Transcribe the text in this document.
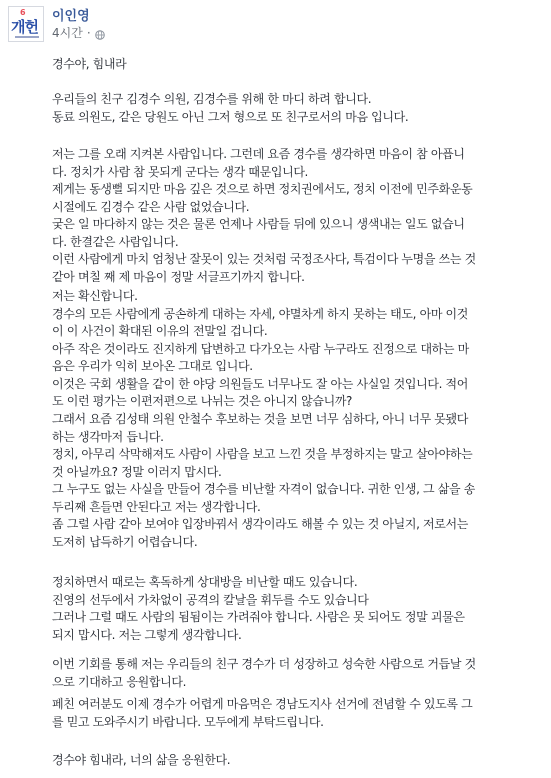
6
개헌
이인영
4시간 ·

경수야, 힘내라

우리들의 친구 김경수 의원, 김경수를 위해 한 마디 하려 합니다.
동료 의원도, 같은 당원도 아닌 그저 형으로 또 친구로서의 마음 입니다.

저는 그를 오래 지켜본 사람입니다. 그런데 요즘 경수를 생각하면 마음이 참 아픕니
다. 정치가 사람 참 못되게 군다는 생각 때문입니다.
제게는 동생뻘 되지만 마음 깊은 것으로 하면 정치권에서도, 정치 이전에 민주화운동
시절에도 김경수 같은 사람 없었습니다.
궂은 일 마다하지 않는 것은 물론 언제나 사람들 뒤에 있으니 생색내는 일도 없습니
다. 한결같은 사람입니다.
이런 사람에게 마치 엄청난 잘못이 있는 것처럼 국정조사다, 특검이다 누명을 쓰는 것
같아 며칠 째 제 마음이 정말 서글프기까지 합니다.

저는 확신합니다.
경수의 모든 사람에게 공손하게 대하는 자세, 야멸차게 하지 못하는 태도, 아마 이것
이 이 사건이 확대된 이유의 전말일 겁니다.
아주 작은 것이라도 진지하게 답변하고 다가오는 사람 누구라도 진정으로 대하는 마
음은 우리가 익히 보아온 그대로 입니다.
이것은 국회 생활을 같이 한 야당 의원들도 너무나도 잘 아는 사실일 것입니다. 적어
도 이런 평가는 이편저편으로 나뉘는 것은 아니지 않습니까?

그래서 요즘 김성태 의원 안철수 후보하는 것을 보면 너무 심하다, 아니 너무 못됐다
하는 생각마저 듭니다.
정치, 아무리 삭막해져도 사람이 사람을 보고 느낀 것을 부정하지는 말고 살아야하는
것 아닐까요? 정말 이러지 맙시다.
그 누구도 없는 사실을 만들어 경수를 비난할 자격이 없습니다. 귀한 인생, 그 삶을 송
두리째 흔들면 안된다고 저는 생각합니다.
좀 그럴 사람 같아 보여야 입장바꿔서 생각이라도 해볼 수 있는 것 아닐지, 저로서는
도저히 납득하기 어렵습니다.

정치하면서 때로는 혹독하게 상대방을 비난할 때도 있습니다.
진영의 선두에서 가차없이 공격의 칼날을 휘두를 수도 있습니다
그러나 그럴 때도 사람의 됨됨이는 가려줘야 합니다. 사람은 못 되어도 정말 괴물은
되지 맙시다. 저는 그렇게 생각합니다.

이번 기회를 통해 저는 우리들의 친구 경수가 더 성장하고 성숙한 사람으로 거듭날 것
으로 기대하고 응원합니다.

페친 여러분도 이제 경수가 어렵게 마음먹은 경남도지사 선거에 전념할 수 있도록 그
를 믿고 도와주시기 바랍니다. 모두에게 부탁드립니다.

경수야 힘내라, 너의 삶을 응원한다.
